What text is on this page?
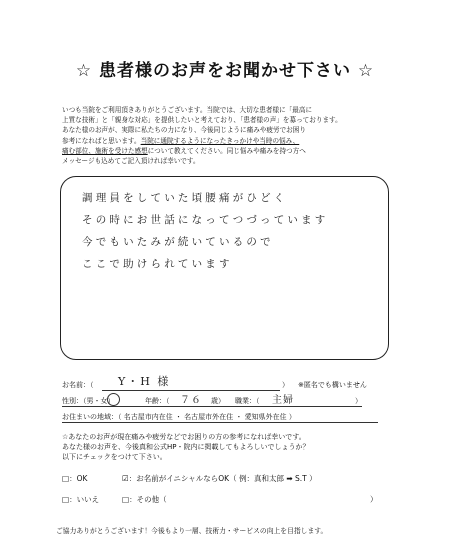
☆ 患者様のお声をお聞かせ下さい ☆

いつも当院をご利用頂きありがとうございます。当院では、大切な患者様に「最高に

上質な技術」と「親身な対応」を提供したいと考えており、「患者様の声」を募っております。

あなた様のお声が、実際に私たちの力になり、今後同じように痛みや疲労でお困り

参考になればと思います。当院に通院するようになったきっかけや当時の悩み、

痛む部位、施術を受けた感想について教えてください。同じ悩みや痛みを持つ方へ

メッセージも込めてご記入頂ければ幸いです。

調理員をしていた頃腰痛がひどく
その時にお世話になってつづっています
今でもいたみが続いているので
ここで助けられています
お名前：（ Y・H 様	） ※匿名でも構いません
性別：（男・女）	年齢：（ ７６ 歳） 職業：（ 主婦	）
お住まいの地域：（ 名古屋市内在住 ・ 名古屋市外在住 ・ 愛知県外在住 ）
☆あなたのお声が現在痛みや疲労などでお困りの方の参考になれば幸いです。
あなた様のお声を、今後真和公式HP・院内に掲載してもよろしいでしょうか？
以下にチェックをつけて下さい。
□：OK	☑：お名前がイニシャルならOK（ 例：真和太郎 ➡ S.T ）
□：いいえ	□：その他（	）
ご協力ありがとうございます！今後もより一層、技術力・サービスの向上を目指します。
